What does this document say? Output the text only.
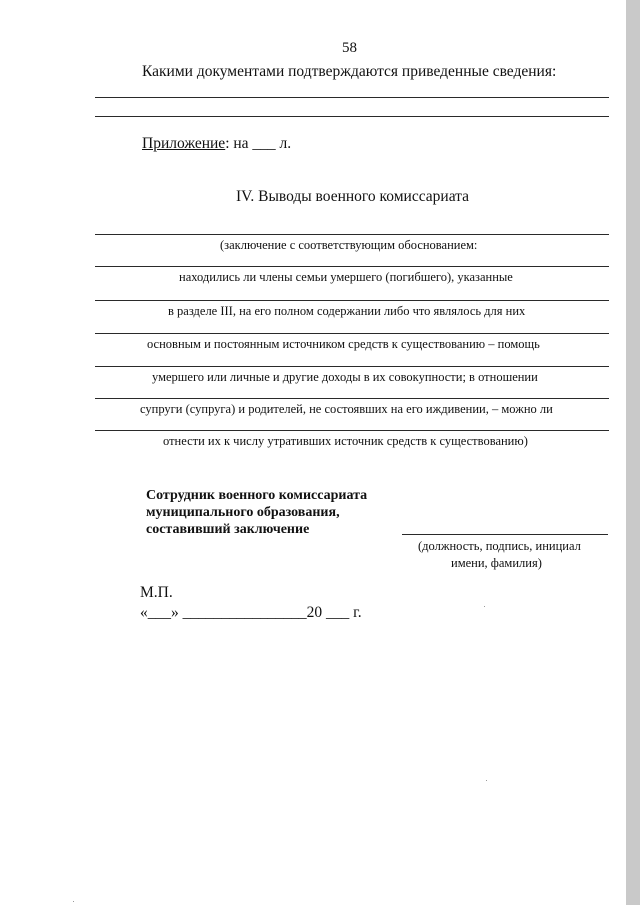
58
Какими документами подтверждаются приведенные сведения:
Приложение: на ___ л.
IV. Выводы военного комиссариата
(заключение с соответствующим обоснованием:
находились ли члены семьи умершего (погибшего), указанные
в разделе III, на его полном содержании либо что являлось для них
основным и постоянным источником средств к существованию – помощь
умершего или личные и другие доходы в их совокупности; в отношении
супруги (супруга) и родителей, не состоявших на его иждивении, – можно ли
отнести их к числу утративших источник средств к существованию)
Сотрудник военного комиссариата
муниципального образования,
составивший заключение
(должность, подпись, инициал
имени, фамилия)
М.П.
«___» ________________20 ___ г.
